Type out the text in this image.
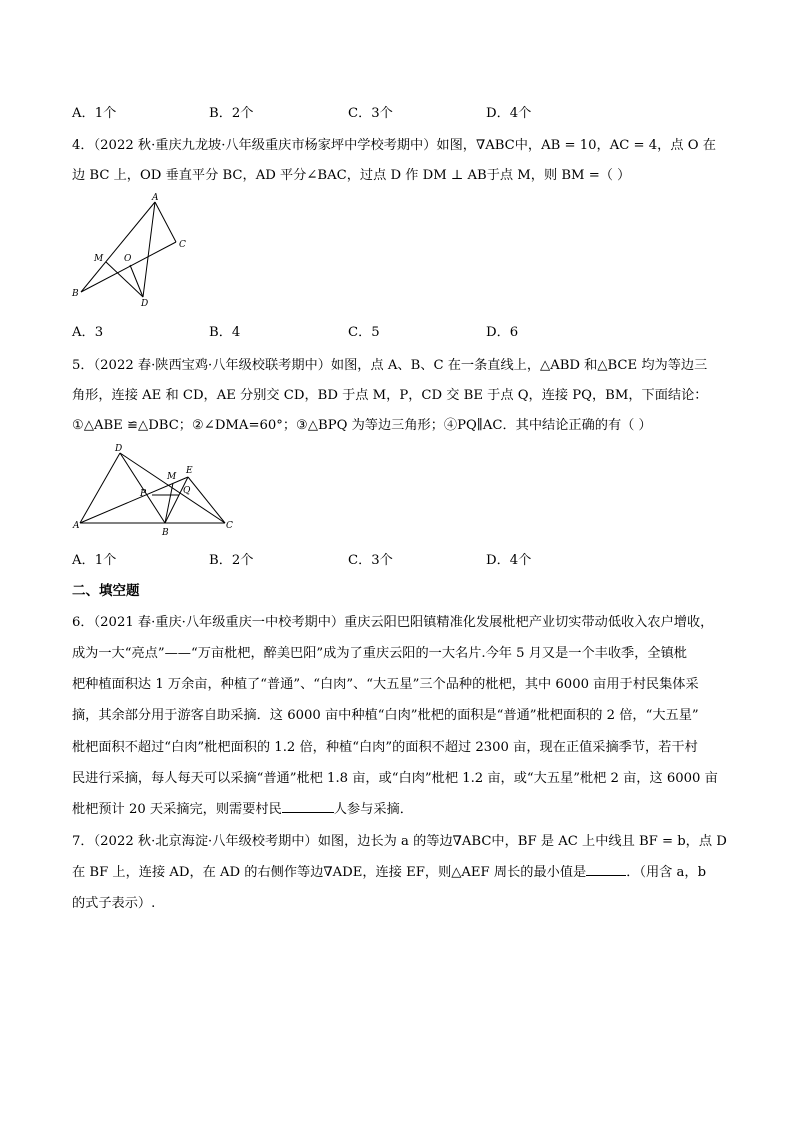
A．1个	B．2个	C．3个	D．4个
4．（2022 秋·重庆九龙坡·八年级重庆市杨家坪中学校考期中）如图，∇ABC中，AB = 10，AC = 4，点 O 在
边 BC 上，OD 垂直平分 BC，AD 平分∠BAC，过点 D 作 DM ⊥ AB于点 M，则 BM =（ ）
A
C
M O
B
D
A．3	B．4	C．5	D．6
5．（2022 春·陕西宝鸡·八年级校联考期中）如图，点 A、B、C 在一条直线上，△ABD 和△BCE 均为等边三
角形，连接 AE 和 CD，AE 分别交 CD，BD 于点 M，P，CD 交 BE 于点 Q，连接 PQ，BM，下面结论：
①△ABE ≌△DBC；②∠DMA=60°；③△BPQ 为等边三角形；④PQ∥AC．其中结论正确的有（ ）
D
M
E
P	Q
A
B
C
A．1个	B．2个	C．3个	D．4个
二、填空题
6．（2021 春·重庆·八年级重庆一中校考期中）重庆云阳巴阳镇精准化发展枇杷产业切实带动低收入农户增收，
成为一大“亮点”——“万亩枇杷，醉美巴阳”成为了重庆云阳的一大名片.今年 5 月又是一个丰收季，全镇枇
杷种植面积达 1 万余亩，种植了“普通”、“白肉”、“大五星”三个品种的枇杷，其中 6000 亩用于村民集体采
摘，其余部分用于游客自助采摘．这 6000 亩中种植“白肉”枇杷的面积是“普通”枇杷面积的 2 倍，“大五星”
枇杷面积不超过“白肉”枇杷面积的 1.2 倍，种植“白肉”的面积不超过 2300 亩，现在正值采摘季节，若干村
民进行采摘，每人每天可以采摘“普通”枇杷 1.8 亩，或“白肉”枇杷 1.2 亩，或“大五星”枇杷 2 亩，这 6000 亩
枇杷预计 20 天采摘完，则需要村民	人参与采摘．
7．（2022 秋·北京海淀·八年级校考期中）如图，边长为 a 的等边∇ABC中，BF 是 AC 上中线且 BF = b，点 D
在 BF 上，连接 AD，在 AD 的右侧作等边∇ADE，连接 EF，则△AEF 周长的最小值是	．（用含 a，b
的式子表示）.
